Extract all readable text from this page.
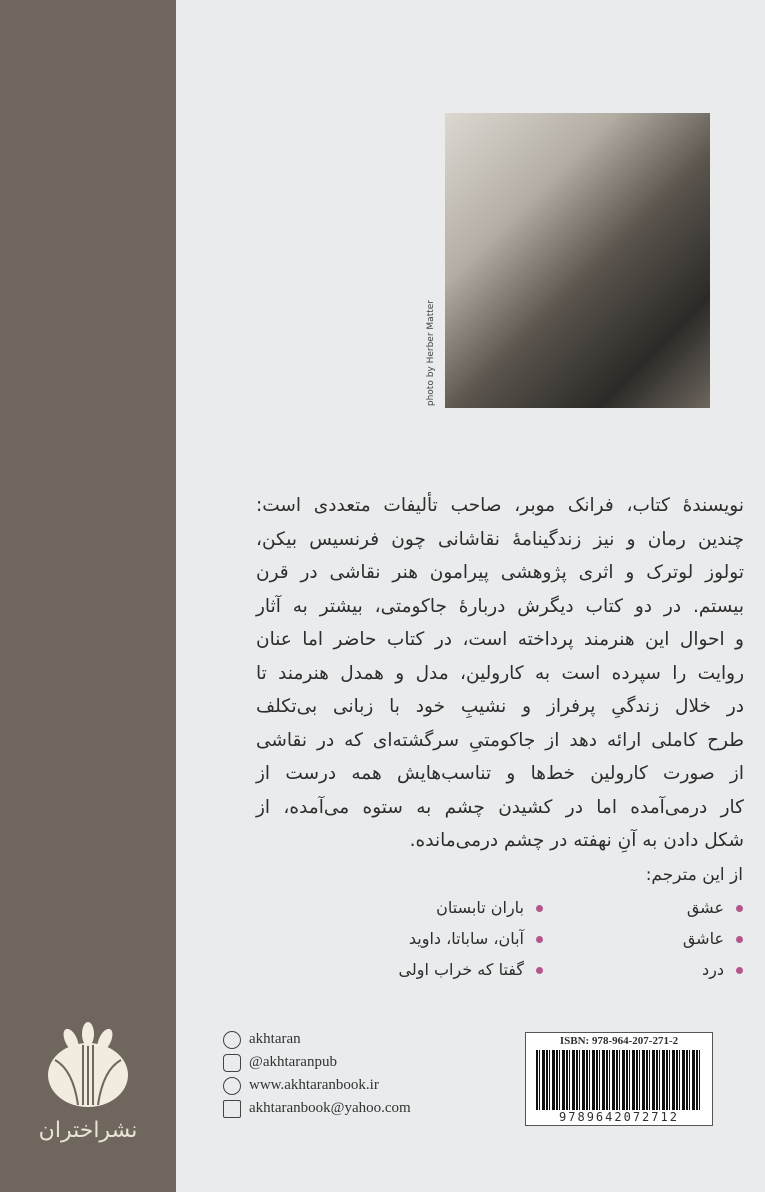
نشراختران
photo by Herber Matter
نویسندهٔ کتاب، فرانک موبر، صاحب تألیفات متعددی است:
چندین رمان و نیز زندگینامهٔ نقاشانی چون فرنسیس بیکن،
تولوز لوترک و اثری پژوهشی پیرامون هنر نقاشی در قرن
بیستم. در دو کتاب دیگرش دربارهٔ جاکومتی، بیشتر به آثار
و احوال این هنرمند پرداخته است، در کتاب حاضر اما عنان
روایت را سپرده است به کارولین، مدل و همدل هنرمند تا
در خلال زندگیِ پرفراز و نشیبِ خود با زبانی بی‌تکلف
طرح کاملی ارائه دهد از جاکومتیِ سرگشته‌ای که در نقاشی
از صورت کارولین خط‌ها و تناسب‌هایش همه درست از
کار درمی‌آمده اما در کشیدن چشم به ستوه می‌آمده، از
شکل دادن به آنِ نهفته در چشم درمی‌مانده.
از این مترجم:
عشق
عاشق
درد
باران تابستان
آبان، ساباتا، داوید
گفتا که خراب اولی
akhtaran
@akhtaranpub
www.akhtaranbook.ir
akhtaranbook@yahoo.com
ISBN: 978-964-207-271-2
9789642072712
